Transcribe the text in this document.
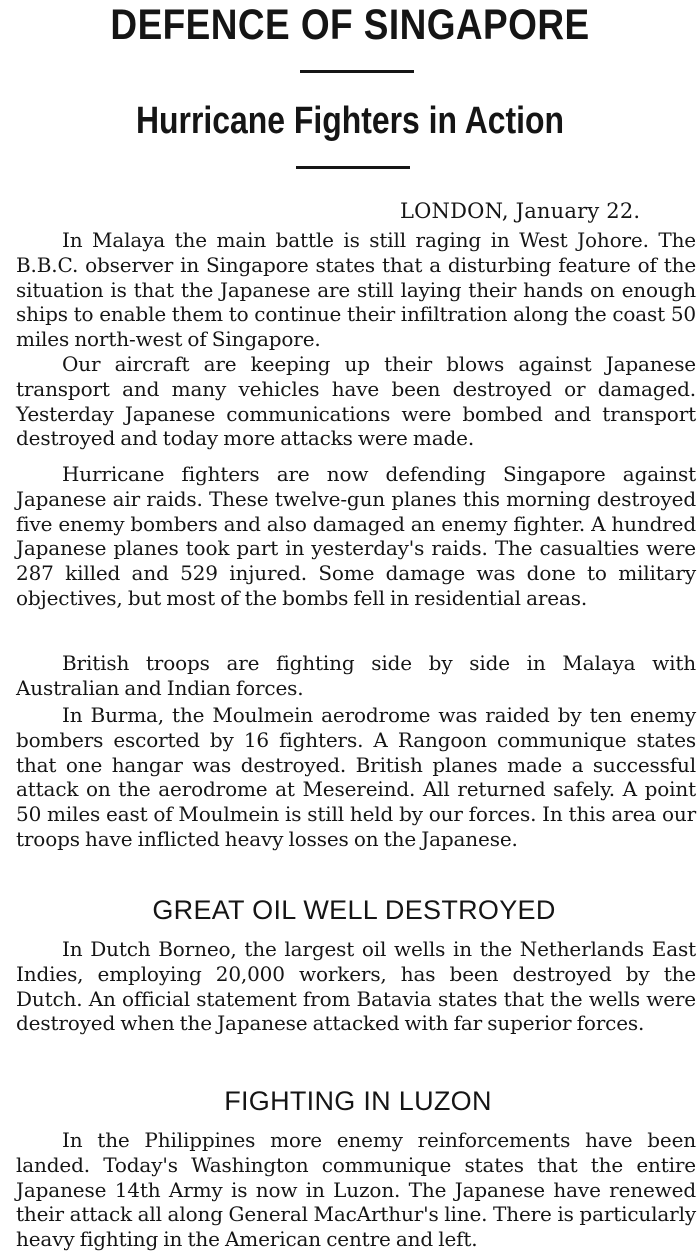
DEFENCE OF SINGAPORE
Hurricane Fighters in Action
LONDON, January 22.

In Malaya the main battle is still raging in West Johore. The B.B.C. observer in Singapore states that a disturbing feature of the situation is that the Japanese are still laying their hands on enough ships to enable them to continue their infiltration along the coast 50 miles north-west of Singapore.

Our aircraft are keeping up their blows against Japanese transport and many vehicles have been destroyed or damaged. Yesterday Japanese communications were bombed and transport destroyed and today more attacks were made.

Hurricane fighters are now defending Singapore against Japanese air raids. These twelve-gun planes this morning destroyed five enemy bombers and also damaged an enemy fighter. A hundred Japanese planes took part in yesterday's raids. The casualties were 287 killed and 529 injured. Some damage was done to military objectives, but most of the bombs fell in residential areas.

British troops are fighting side by side in Malaya with Australian and Indian forces.

In Burma, the Moulmein aerodrome was raided by ten enemy bombers escorted by 16 fighters. A Rangoon communique states that one hangar was destroyed. British planes made a successful attack on the aerodrome at Mesereind. All returned safely. A point 50 miles east of Moulmein is still held by our forces. In this area our troops have inflicted heavy losses on the Japanese.

GREAT OIL WELL DESTROYED

In Dutch Borneo, the largest oil wells in the Netherlands East Indies, employing 20,000 workers, has been destroyed by the Dutch. An official statement from Batavia states that the wells were destroyed when the Japanese attacked with far superior forces.

FIGHTING IN LUZON

In the Philippines more enemy reinforcements have been landed. Today's Washington communique states that the entire Japanese 14th Army is now in Luzon. The Japanese have renewed their attack all along General MacArthur's line. There is particularly heavy fighting in the American centre and left.
